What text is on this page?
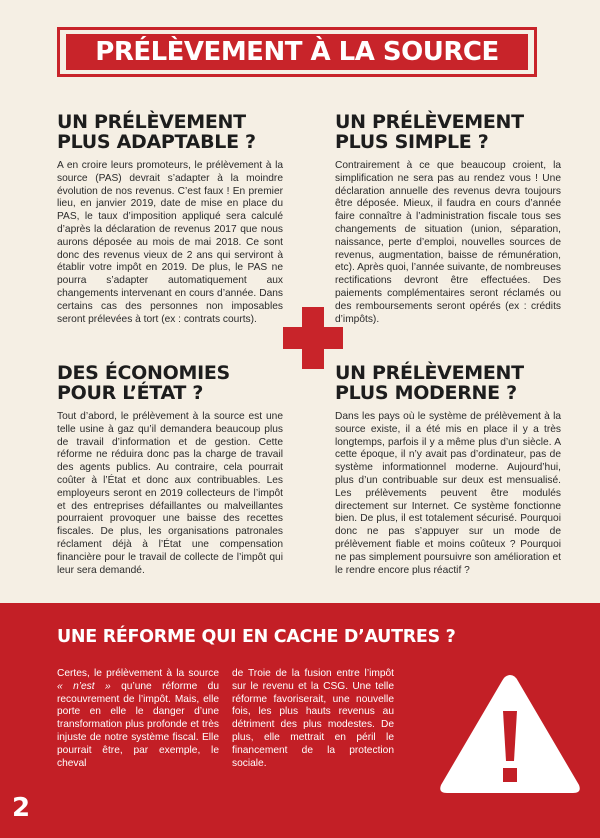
PRÉLÈVEMENT À LA SOURCE
UN PRÉLÈVEMENT PLUS ADAPTABLE ?

A en croire leurs promoteurs, le prélèvement à la source (PAS) devrait s’adapter à la moindre évolution de nos revenus. C’est faux ! En premier lieu, en janvier 2019, date de mise en place du PAS, le taux d’imposition appliqué sera calculé d’après la déclaration de revenus 2017 que nous aurons déposée au mois de mai 2018. Ce sont donc des revenus vieux de 2 ans qui serviront à établir votre impôt en 2019. De plus, le PAS ne pourra s’adapter automatiquement aux changements intervenant en cours d’année. Dans certains cas des personnes non imposables seront prélevées à tort (ex : contrats courts).

UN PRÉLÈVEMENT PLUS SIMPLE ?

Contrairement à ce que beaucoup croient, la simplification ne sera pas au rendez vous ! Une déclaration annuelle des revenus devra toujours être déposée. Mieux, il faudra en cours d’année faire connaître à l’administration fiscale tous ses changements de situation (union, séparation, naissance, perte d’emploi, nouvelles sources de revenus, augmentation, baisse de rémunération, etc). Après quoi, l’année suivante, de nombreuses rectifications devront être effectuées. Des paiements complémentaires seront réclamés ou des remboursements seront opérés (ex : crédits d’impôts).

DES ÉCONOMIES POUR L’ÉTAT ?

Tout d’abord, le prélèvement à la source est une telle usine à gaz qu’il demandera beaucoup plus de travail d’information et de gestion. Cette réforme ne réduira donc pas la charge de travail des agents publics. Au contraire, cela pourrait coûter à l’État et donc aux contribuables. Les employeurs seront en 2019 collecteurs de l’impôt et des entreprises défaillantes ou malveillantes pourraient provoquer une baisse des recettes fiscales. De plus, les organisations patronales réclament déjà à l’État une compensation financière pour le travail de collecte de l’impôt qui leur sera demandé.

UN PRÉLÈVEMENT PLUS MODERNE ?

Dans les pays où le système de prélèvement à la source existe, il a été mis en place il y a très longtemps, parfois il y a même plus d’un siècle. A cette époque, il n’y avait pas d’ordinateur, pas de système informationnel moderne. Aujourd’hui, plus d’un contribuable sur deux est mensualisé. Les prélèvements peuvent être modulés directement sur Internet. Ce système fonctionne bien. De plus, il est totalement sécurisé. Pourquoi donc ne pas s’appuyer sur un mode de prélèvement fiable et moins coûteux ? Pourquoi ne pas simplement poursuivre son amélioration et le rendre encore plus réactif ?

UNE RÉFORME QUI EN CACHE D’AUTRES ?

Certes, le prélèvement à la source « n’est » qu’une réforme du recouvrement de l’impôt. Mais, elle porte en elle le danger d’une transformation plus profonde et très injuste de notre système fiscal. Elle pourrait être, par exemple, le cheval

de Troie de la fusion entre l’impôt sur le revenu et la CSG. Une telle réforme favoriserait, une nouvelle fois, les plus hauts revenus au détriment des plus modestes. De plus, elle mettrait en péril le financement de la protection sociale.

2
